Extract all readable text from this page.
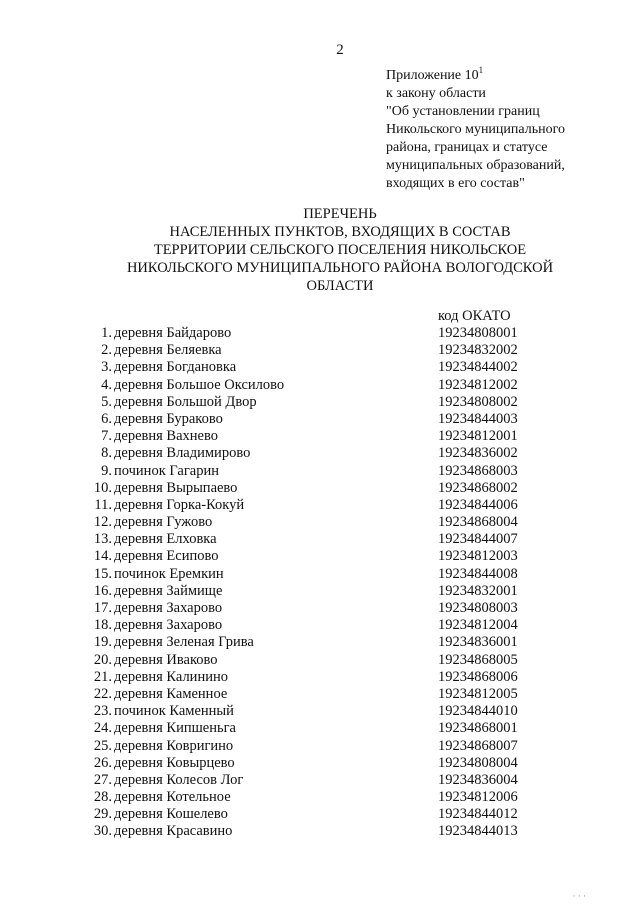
2
Приложение $10^1$
к закону области
"Об установлении границ
Никольского муниципального
района, границах и статусе
муниципальных образований,
входящих в его состав"
ПЕРЕЧЕНЬ
НАСЕЛЕННЫХ ПУНКТОВ, ВХОДЯЩИХ В СОСТАВ
ТЕРРИТОРИИ СЕЛЬСКОГО ПОСЕЛЕНИЯ НИКОЛЬСКОЕ
НИКОЛЬСКОГО МУНИЦИПАЛЬНОГО РАЙОНА ВОЛОГОДСКОЙ
ОБЛАСТИ
код ОКАТО
1. деревня Байдарово	19234808001
2. деревня Беляевка	19234832002
3. деревня Богдановка	19234844002
4. деревня Большое Оксилово	19234812002
5. деревня Большой Двор	19234808002
6. деревня Бураково	19234844003
7. деревня Вахнево	19234812001
8. деревня Владимирово	19234836002
9. починок Гагарин	19234868003
10. деревня Вырыпаево	19234868002
11. деревня Горка-Кокуй	19234844006
12. деревня Гужово	19234868004
13. деревня Елховка	19234844007
14. деревня Есипово	19234812003
15. починок Еремкин	19234844008
16. деревня Займище	19234832001
17. деревня Захарово	19234808003
18. деревня Захарово	19234812004
19. деревня Зеленая Грива	19234836001
20. деревня Иваково	19234868005
21. деревня Калинино	19234868006
22. деревня Каменное	19234812005
23. починок Каменный	19234844010
24. деревня Кипшеньга	19234868001
25. деревня Ковригино	19234868007
26. деревня Ковырцево	19234808004
27. деревня Колесов Лог	19234836004
28. деревня Котельное	19234812006
29. деревня Кошелево	19234844012
30. деревня Красавино	19234844013
· · ·
